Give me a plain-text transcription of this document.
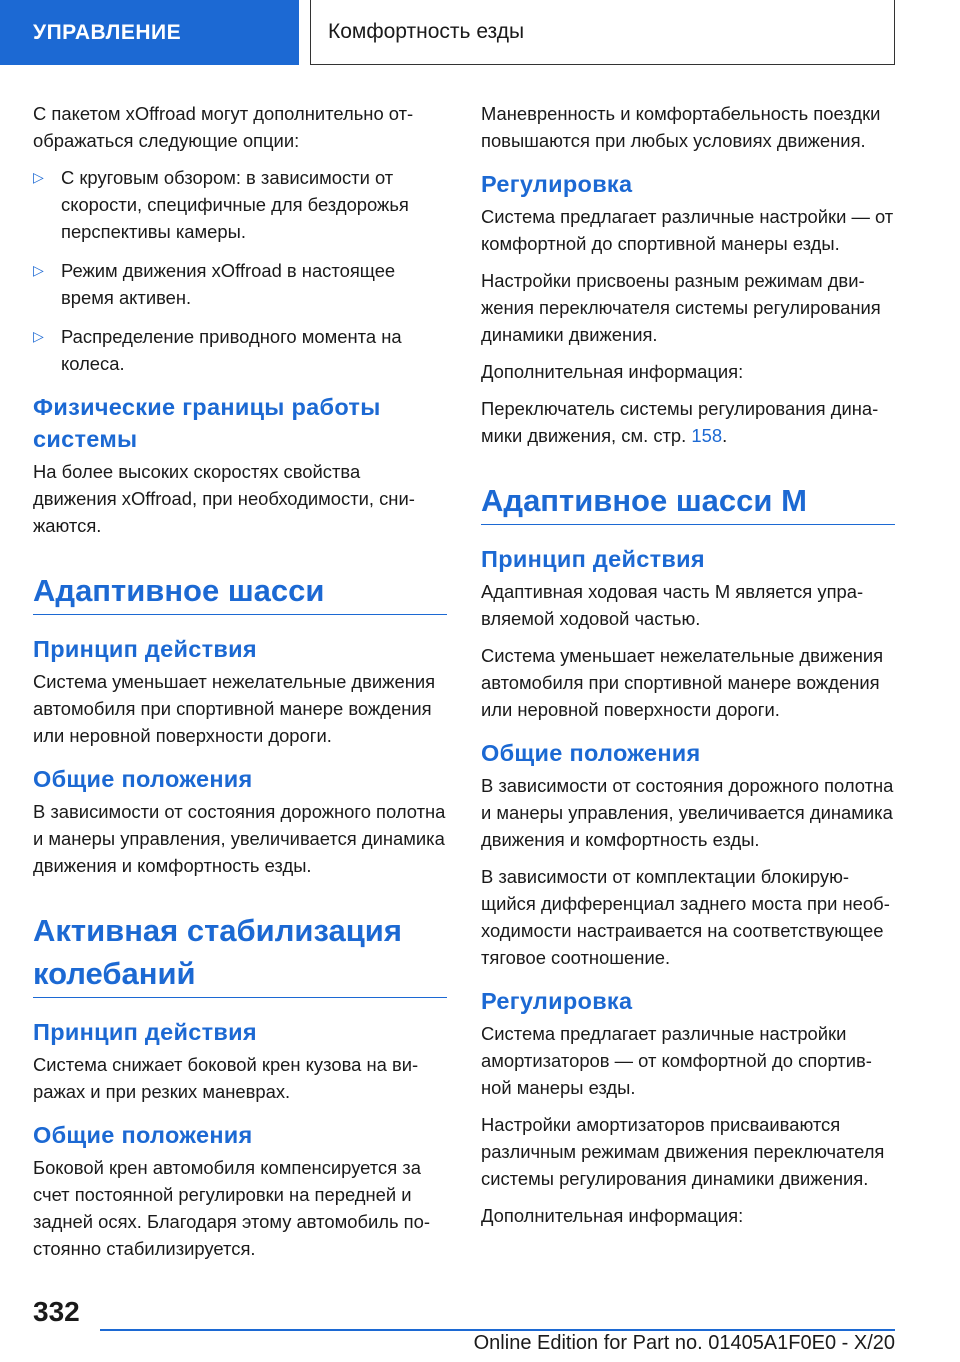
УПРАВЛЕНИЕ	Комфортность езды

С пакетом xOffroad могут дополнительно отображаться следующие опции:

▷ С круговым обзором: в зависимости от скорости, специфичные для бездорожья перспективы камеры.
▷ Режим движения xOffroad в настоящее время активен.
▷ Распределение приводного момента на колеса.
Физические границы работы системы

На более высоких скоростях свойства движения xOffroad, при необходимости, снижаются.

Адаптивное шасси
Принцип действия

Система уменьшает нежелательные движения автомобиля при спортивной манере вождения или неровной поверхности дороги.

Общие положения

В зависимости от состояния дорожного полотна и манеры управления, увеличивается динамика движения и комфортность езды.

Активная стабилизация колебаний
Принцип действия

Система снижает боковой крен кузова на виражах и при резких маневрах.

Общие положения

Боковой крен автомобиля компенсируется за счет постоянной регулировки на передней и задней осях. Благодаря этому автомобиль постоянно стабилизируется.

Маневренность и комфортабельность поездки повышаются при любых условиях движения.

Регулировка

Система предлагает различные настройки — от комфортной до спортивной манеры езды.

Настройки присвоены разным режимам движения переключателя системы регулирования динамики движения.

Дополнительная информация:

Переключатель системы регулирования динамики движения, см. стр. 158.

Адаптивное шасси M
Принцип действия

Адаптивная ходовая часть M является управляемой ходовой частью.

Система уменьшает нежелательные движения автомобиля при спортивной манере вождения или неровной поверхности дороги.

Общие положения

В зависимости от состояния дорожного полотна и манеры управления, увеличивается динамика движения и комфортность езды.

В зависимости от комплектации блокирующийся дифференциал заднего моста при необходимости настраивается на соответствующее тяговое соотношение.

Регулировка

Система предлагает различные настройки амортизаторов — от комфортной до спортивной манеры езды.

Настройки амортизаторов присваиваются различным режимам движения переключателя системы регулирования динамики движения.

Дополнительная информация:

332
Online Edition for Part no. 01405A1F0E0 - X/20
